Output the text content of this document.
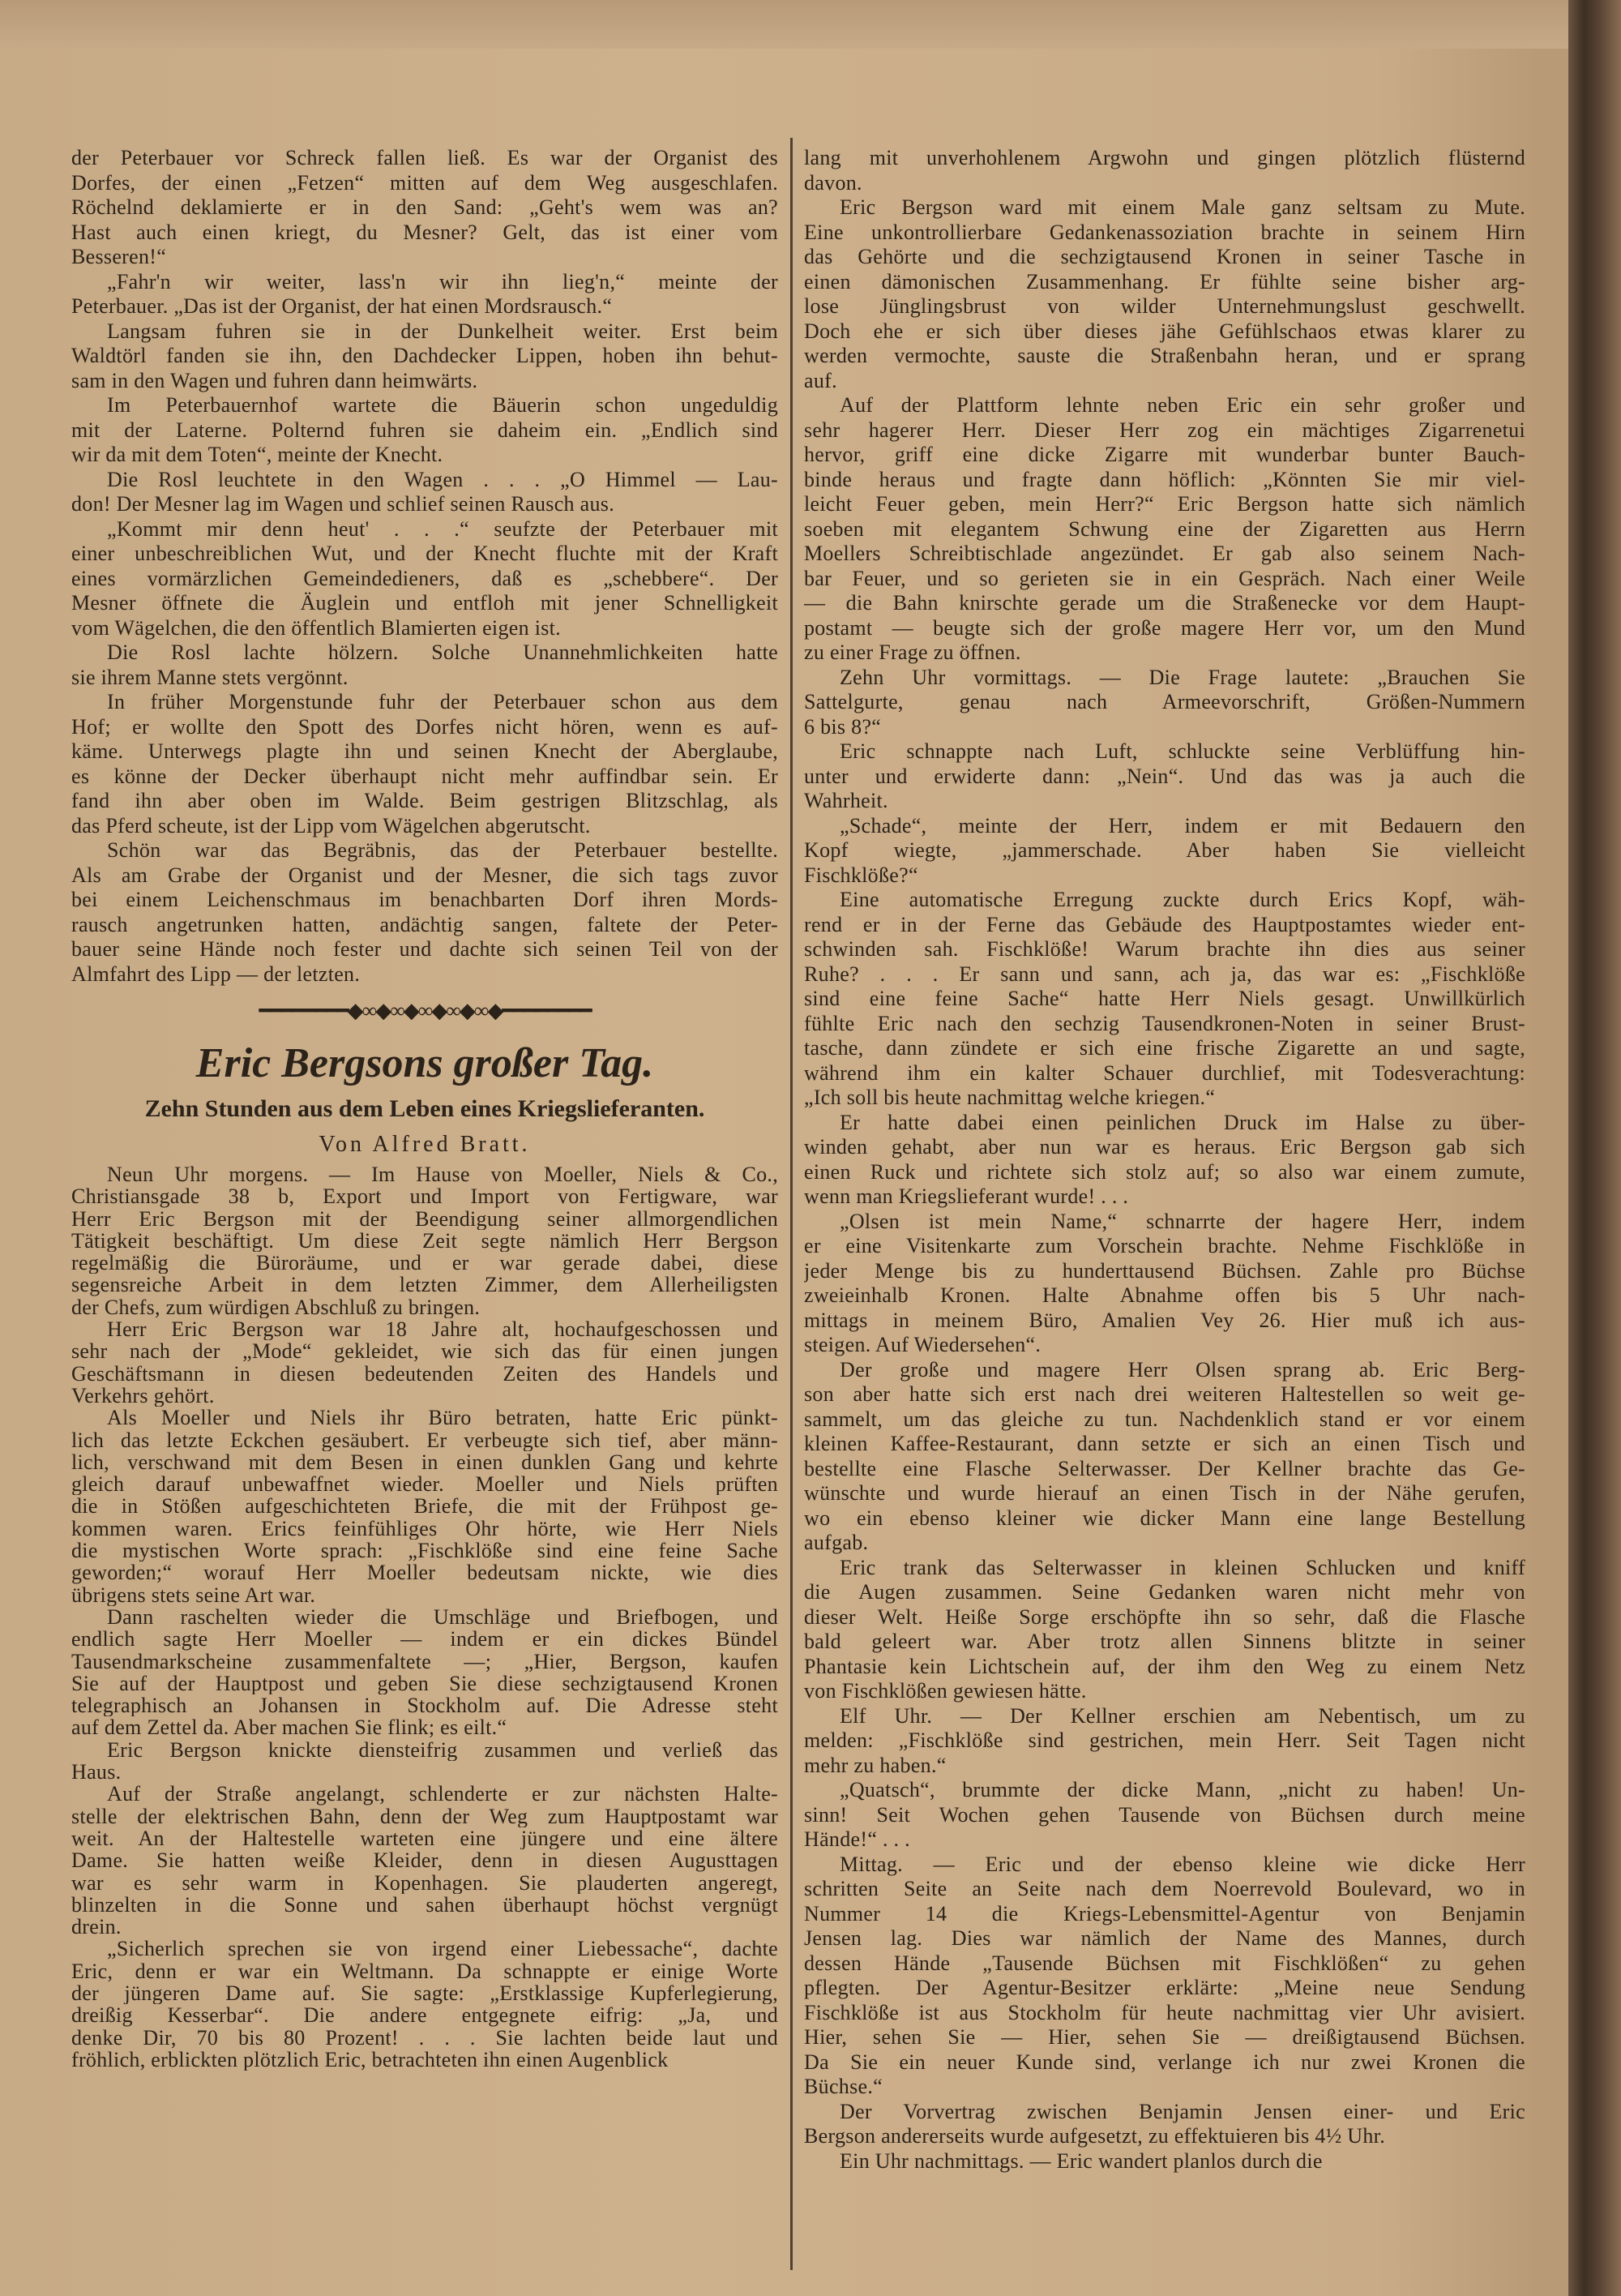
der Peterbauer vor Schreck fallen ließ. Es war der Organist des
Dorfes, der einen „Fetzen“ mitten auf dem Weg ausgeschlafen.
Röchelnd deklamierte er in den Sand: „Geht's wem was an?
Hast auch einen kriegt, du Mesner? Gelt, das ist einer vom
Besseren!“
„Fahr'n wir weiter, lass'n wir ihn lieg'n,“ meinte der
Peterbauer. „Das ist der Organist, der hat einen Mordsrausch.“
Langsam fuhren sie in der Dunkelheit weiter. Erst beim
Waldtörl fanden sie ihn, den Dachdecker Lippen, hoben ihn behut-
sam in den Wagen und fuhren dann heimwärts.
Im Peterbauernhof wartete die Bäuerin schon ungeduldig
mit der Laterne. Polternd fuhren sie daheim ein. „Endlich sind
wir da mit dem Toten“, meinte der Knecht.
Die Rosl leuchtete in den Wagen . . . „O Himmel — Lau-
don! Der Mesner lag im Wagen und schlief seinen Rausch aus.
„Kommt mir denn heut' . . .“ seufzte der Peterbauer mit
einer unbeschreiblichen Wut, und der Knecht fluchte mit der Kraft
eines vormärzlichen Gemeindedieners, daß es „schebbere“. Der
Mesner öffnete die Äuglein und entfloh mit jener Schnelligkeit
vom Wägelchen, die den öffentlich Blamierten eigen ist.
Die Rosl lachte hölzern. Solche Unannehmlichkeiten hatte
sie ihrem Manne stets vergönnt.
In früher Morgenstunde fuhr der Peterbauer schon aus dem
Hof; er wollte den Spott des Dorfes nicht hören, wenn es auf-
käme. Unterwegs plagte ihn und seinen Knecht der Aberglaube,
es könne der Decker überhaupt nicht mehr auffindbar sein. Er
fand ihn aber oben im Walde. Beim gestrigen Blitzschlag, als
das Pferd scheute, ist der Lipp vom Wägelchen abgerutscht.
Schön war das Begräbnis, das der Peterbauer bestellte.
Als am Grabe der Organist und der Mesner, die sich tags zuvor
bei einem Leichenschmaus im benachbarten Dorf ihren Mords-
rausch angetrunken hatten, andächtig sangen, faltete der Peter-
bauer seine Hände noch fester und dachte sich seinen Teil von der
Almfahrt des Lipp — der letzten.
━━━━━━━━◆∞◆∞◆∞◆∞◆∞◆━━━━━━━━
Eric Bergsons großer Tag.
Zehn Stunden aus dem Leben eines Kriegslieferanten.
Von Alfred Bratt.
Neun Uhr morgens. — Im Hause von Moeller, Niels & Co.,
Christiansgade 38 b, Export und Import von Fertigware, war
Herr Eric Bergson mit der Beendigung seiner allmorgendlichen
Tätigkeit beschäftigt. Um diese Zeit segte nämlich Herr Bergson
regelmäßig die Büroräume, und er war gerade dabei, diese
segensreiche Arbeit in dem letzten Zimmer, dem Allerheiligsten
der Chefs, zum würdigen Abschluß zu bringen.
Herr Eric Bergson war 18 Jahre alt, hochaufgeschossen und
sehr nach der „Mode“ gekleidet, wie sich das für einen jungen
Geschäftsmann in diesen bedeutenden Zeiten des Handels und
Verkehrs gehört.
Als Moeller und Niels ihr Büro betraten, hatte Eric pünkt-
lich das letzte Eckchen gesäubert. Er verbeugte sich tief, aber männ-
lich, verschwand mit dem Besen in einen dunklen Gang und kehrte
gleich darauf unbewaffnet wieder. Moeller und Niels prüften
die in Stößen aufgeschichteten Briefe, die mit der Frühpost ge-
kommen waren. Erics feinfühliges Ohr hörte, wie Herr Niels
die mystischen Worte sprach: „Fischklöße sind eine feine Sache
geworden;“ worauf Herr Moeller bedeutsam nickte, wie dies
übrigens stets seine Art war.
Dann raschelten wieder die Umschläge und Briefbogen, und
endlich sagte Herr Moeller — indem er ein dickes Bündel
Tausendmarkscheine zusammenfaltete —; „Hier, Bergson, kaufen
Sie auf der Hauptpost und geben Sie diese sechzigtausend Kronen
telegraphisch an Johansen in Stockholm auf. Die Adresse steht
auf dem Zettel da. Aber machen Sie flink; es eilt.“
Eric Bergson knickte diensteifrig zusammen und verließ das
Haus.
Auf der Straße angelangt, schlenderte er zur nächsten Halte-
stelle der elektrischen Bahn, denn der Weg zum Hauptpostamt war
weit. An der Haltestelle warteten eine jüngere und eine ältere
Dame. Sie hatten weiße Kleider, denn in diesen Augusttagen
war es sehr warm in Kopenhagen. Sie plauderten angeregt,
blinzelten in die Sonne und sahen überhaupt höchst vergnügt
drein.
„Sicherlich sprechen sie von irgend einer Liebessache“, dachte
Eric, denn er war ein Weltmann. Da schnappte er einige Worte
der jüngeren Dame auf. Sie sagte: „Erstklassige Kupferlegierung,
dreißig Kesserbar“. Die andere entgegnete eifrig: „Ja, und
denke Dir, 70 bis 80 Prozent! . . . Sie lachten beide laut und
fröhlich, erblickten plötzlich Eric, betrachteten ihn einen Augenblick
lang mit unverhohlenem Argwohn und gingen plötzlich flüsternd
davon.
Eric Bergson ward mit einem Male ganz seltsam zu Mute.
Eine unkontrollierbare Gedankenassoziation brachte in seinem Hirn
das Gehörte und die sechzigtausend Kronen in seiner Tasche in
einen dämonischen Zusammenhang. Er fühlte seine bisher arg-
lose Jünglingsbrust von wilder Unternehmungslust geschwellt.
Doch ehe er sich über dieses jähe Gefühlschaos etwas klarer zu
werden vermochte, sauste die Straßenbahn heran, und er sprang
auf.
Auf der Plattform lehnte neben Eric ein sehr großer und
sehr hagerer Herr. Dieser Herr zog ein mächtiges Zigarrenetui
hervor, griff eine dicke Zigarre mit wunderbar bunter Bauch-
binde heraus und fragte dann höflich: „Könnten Sie mir viel-
leicht Feuer geben, mein Herr?“ Eric Bergson hatte sich nämlich
soeben mit elegantem Schwung eine der Zigaretten aus Herrn
Moellers Schreibtischlade angezündet. Er gab also seinem Nach-
bar Feuer, und so gerieten sie in ein Gespräch. Nach einer Weile
— die Bahn knirschte gerade um die Straßenecke vor dem Haupt-
postamt — beugte sich der große magere Herr vor, um den Mund
zu einer Frage zu öffnen.
Zehn Uhr vormittags. — Die Frage lautete: „Brauchen Sie
Sattelgurte, genau nach Armeevorschrift, Größen-Nummern
6 bis 8?“
Eric schnappte nach Luft, schluckte seine Verblüffung hin-
unter und erwiderte dann: „Nein“. Und das was ja auch die
Wahrheit.
„Schade“, meinte der Herr, indem er mit Bedauern den
Kopf wiegte, „jammerschade. Aber haben Sie vielleicht
Fischklöße?“
Eine automatische Erregung zuckte durch Erics Kopf, wäh-
rend er in der Ferne das Gebäude des Hauptpostamtes wieder ent-
schwinden sah. Fischklöße! Warum brachte ihn dies aus seiner
Ruhe? . . . Er sann und sann, ach ja, das war es: „Fischklöße
sind eine feine Sache“ hatte Herr Niels gesagt. Unwillkürlich
fühlte Eric nach den sechzig Tausendkronen-Noten in seiner Brust-
tasche, dann zündete er sich eine frische Zigarette an und sagte,
während ihm ein kalter Schauer durchlief, mit Todesverachtung:
„Ich soll bis heute nachmittag welche kriegen.“
Er hatte dabei einen peinlichen Druck im Halse zu über-
winden gehabt, aber nun war es heraus. Eric Bergson gab sich
einen Ruck und richtete sich stolz auf; so also war einem zumute,
wenn man Kriegslieferant wurde! . . .
„Olsen ist mein Name,“ schnarrte der hagere Herr, indem
er eine Visitenkarte zum Vorschein brachte. Nehme Fischklöße in
jeder Menge bis zu hunderttausend Büchsen. Zahle pro Büchse
zweieinhalb Kronen. Halte Abnahme offen bis 5 Uhr nach-
mittags in meinem Büro, Amalien Vey 26. Hier muß ich aus-
steigen. Auf Wiedersehen“.
Der große und magere Herr Olsen sprang ab. Eric Berg-
son aber hatte sich erst nach drei weiteren Haltestellen so weit ge-
sammelt, um das gleiche zu tun. Nachdenklich stand er vor einem
kleinen Kaffee-Restaurant, dann setzte er sich an einen Tisch und
bestellte eine Flasche Selterwasser. Der Kellner brachte das Ge-
wünschte und wurde hierauf an einen Tisch in der Nähe gerufen,
wo ein ebenso kleiner wie dicker Mann eine lange Bestellung
aufgab.
Eric trank das Selterwasser in kleinen Schlucken und kniff
die Augen zusammen. Seine Gedanken waren nicht mehr von
dieser Welt. Heiße Sorge erschöpfte ihn so sehr, daß die Flasche
bald geleert war. Aber trotz allen Sinnens blitzte in seiner
Phantasie kein Lichtschein auf, der ihm den Weg zu einem Netz
von Fischklößen gewiesen hätte.
Elf Uhr. — Der Kellner erschien am Nebentisch, um zu
melden: „Fischklöße sind gestrichen, mein Herr. Seit Tagen nicht
mehr zu haben.“
„Quatsch“, brummte der dicke Mann, „nicht zu haben! Un-
sinn! Seit Wochen gehen Tausende von Büchsen durch meine
Hände!“ . . .
Mittag. — Eric und der ebenso kleine wie dicke Herr
schritten Seite an Seite nach dem Noerrevold Boulevard, wo in
Nummer 14 die Kriegs-Lebensmittel-Agentur von Benjamin
Jensen lag. Dies war nämlich der Name des Mannes, durch
dessen Hände „Tausende Büchsen mit Fischklößen“ zu gehen
pflegten. Der Agentur-Besitzer erklärte: „Meine neue Sendung
Fischklöße ist aus Stockholm für heute nachmittag vier Uhr avisiert.
Hier, sehen Sie — Hier, sehen Sie — dreißigtausend Büchsen.
Da Sie ein neuer Kunde sind, verlange ich nur zwei Kronen die
Büchse.“
Der Vorvertrag zwischen Benjamin Jensen einer- und Eric
Bergson andererseits wurde aufgesetzt, zu effektuieren bis 4½ Uhr.
Ein Uhr nachmittags. — Eric wandert planlos durch die
